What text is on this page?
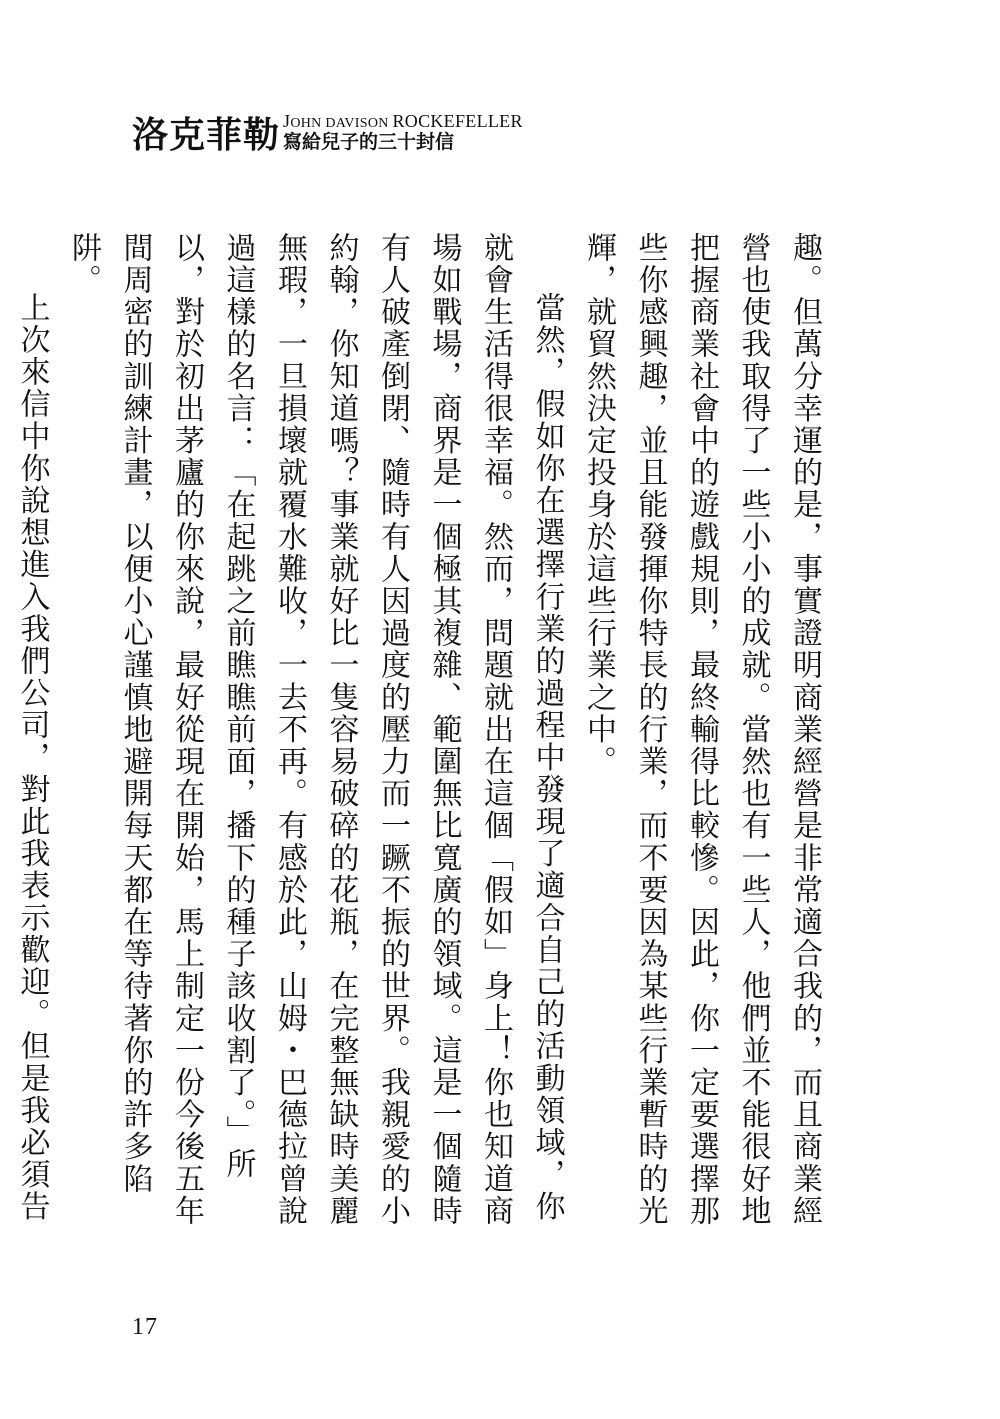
洛克菲勒 JOHN DAVISON ROCKEFELLER
寫給兒子的三十封信

趣。但萬分幸運的是，事實證明商業經營是非常適合我的，而且商業經營也使我取得了一些小小的成就。當然也有一些人，他們並不能很好地把握商業社會中的遊戲規則，最終輸得比較慘。因此，你一定要選擇那些你感興趣，並且能發揮你特長的行業，而不要因為某些行業暫時的光輝，就貿然決定投身於這些行業之中。

當然，假如你在選擇行業的過程中發現了適合自己的活動領域，你就會生活得很幸福。然而，問題就出在這個「假如」身上！你也知道商場如戰場，商界是一個極其複雜、範圍無比寬廣的領域。這是一個隨時有人破產倒閉、隨時有人因過度的壓力而一蹶不振的世界。我親愛的小約翰，你知道嗎？事業就好比一隻容易破碎的花瓶，在完整無缺時美麗無瑕，一旦損壞就覆水難收，一去不再。有感於此，山姆・巴德拉曾說過這樣的名言：「在起跳之前瞧瞧前面，播下的種子該收割了。」所以，對於初出茅廬的你來說，最好從現在開始，馬上制定一份今後五年間周密的訓練計畫，以便小心謹慎地避開每天都在等待著你的許多陷阱。

上次來信中你說想進入我們公司，對此我表示歡迎。但是我必須告

17
